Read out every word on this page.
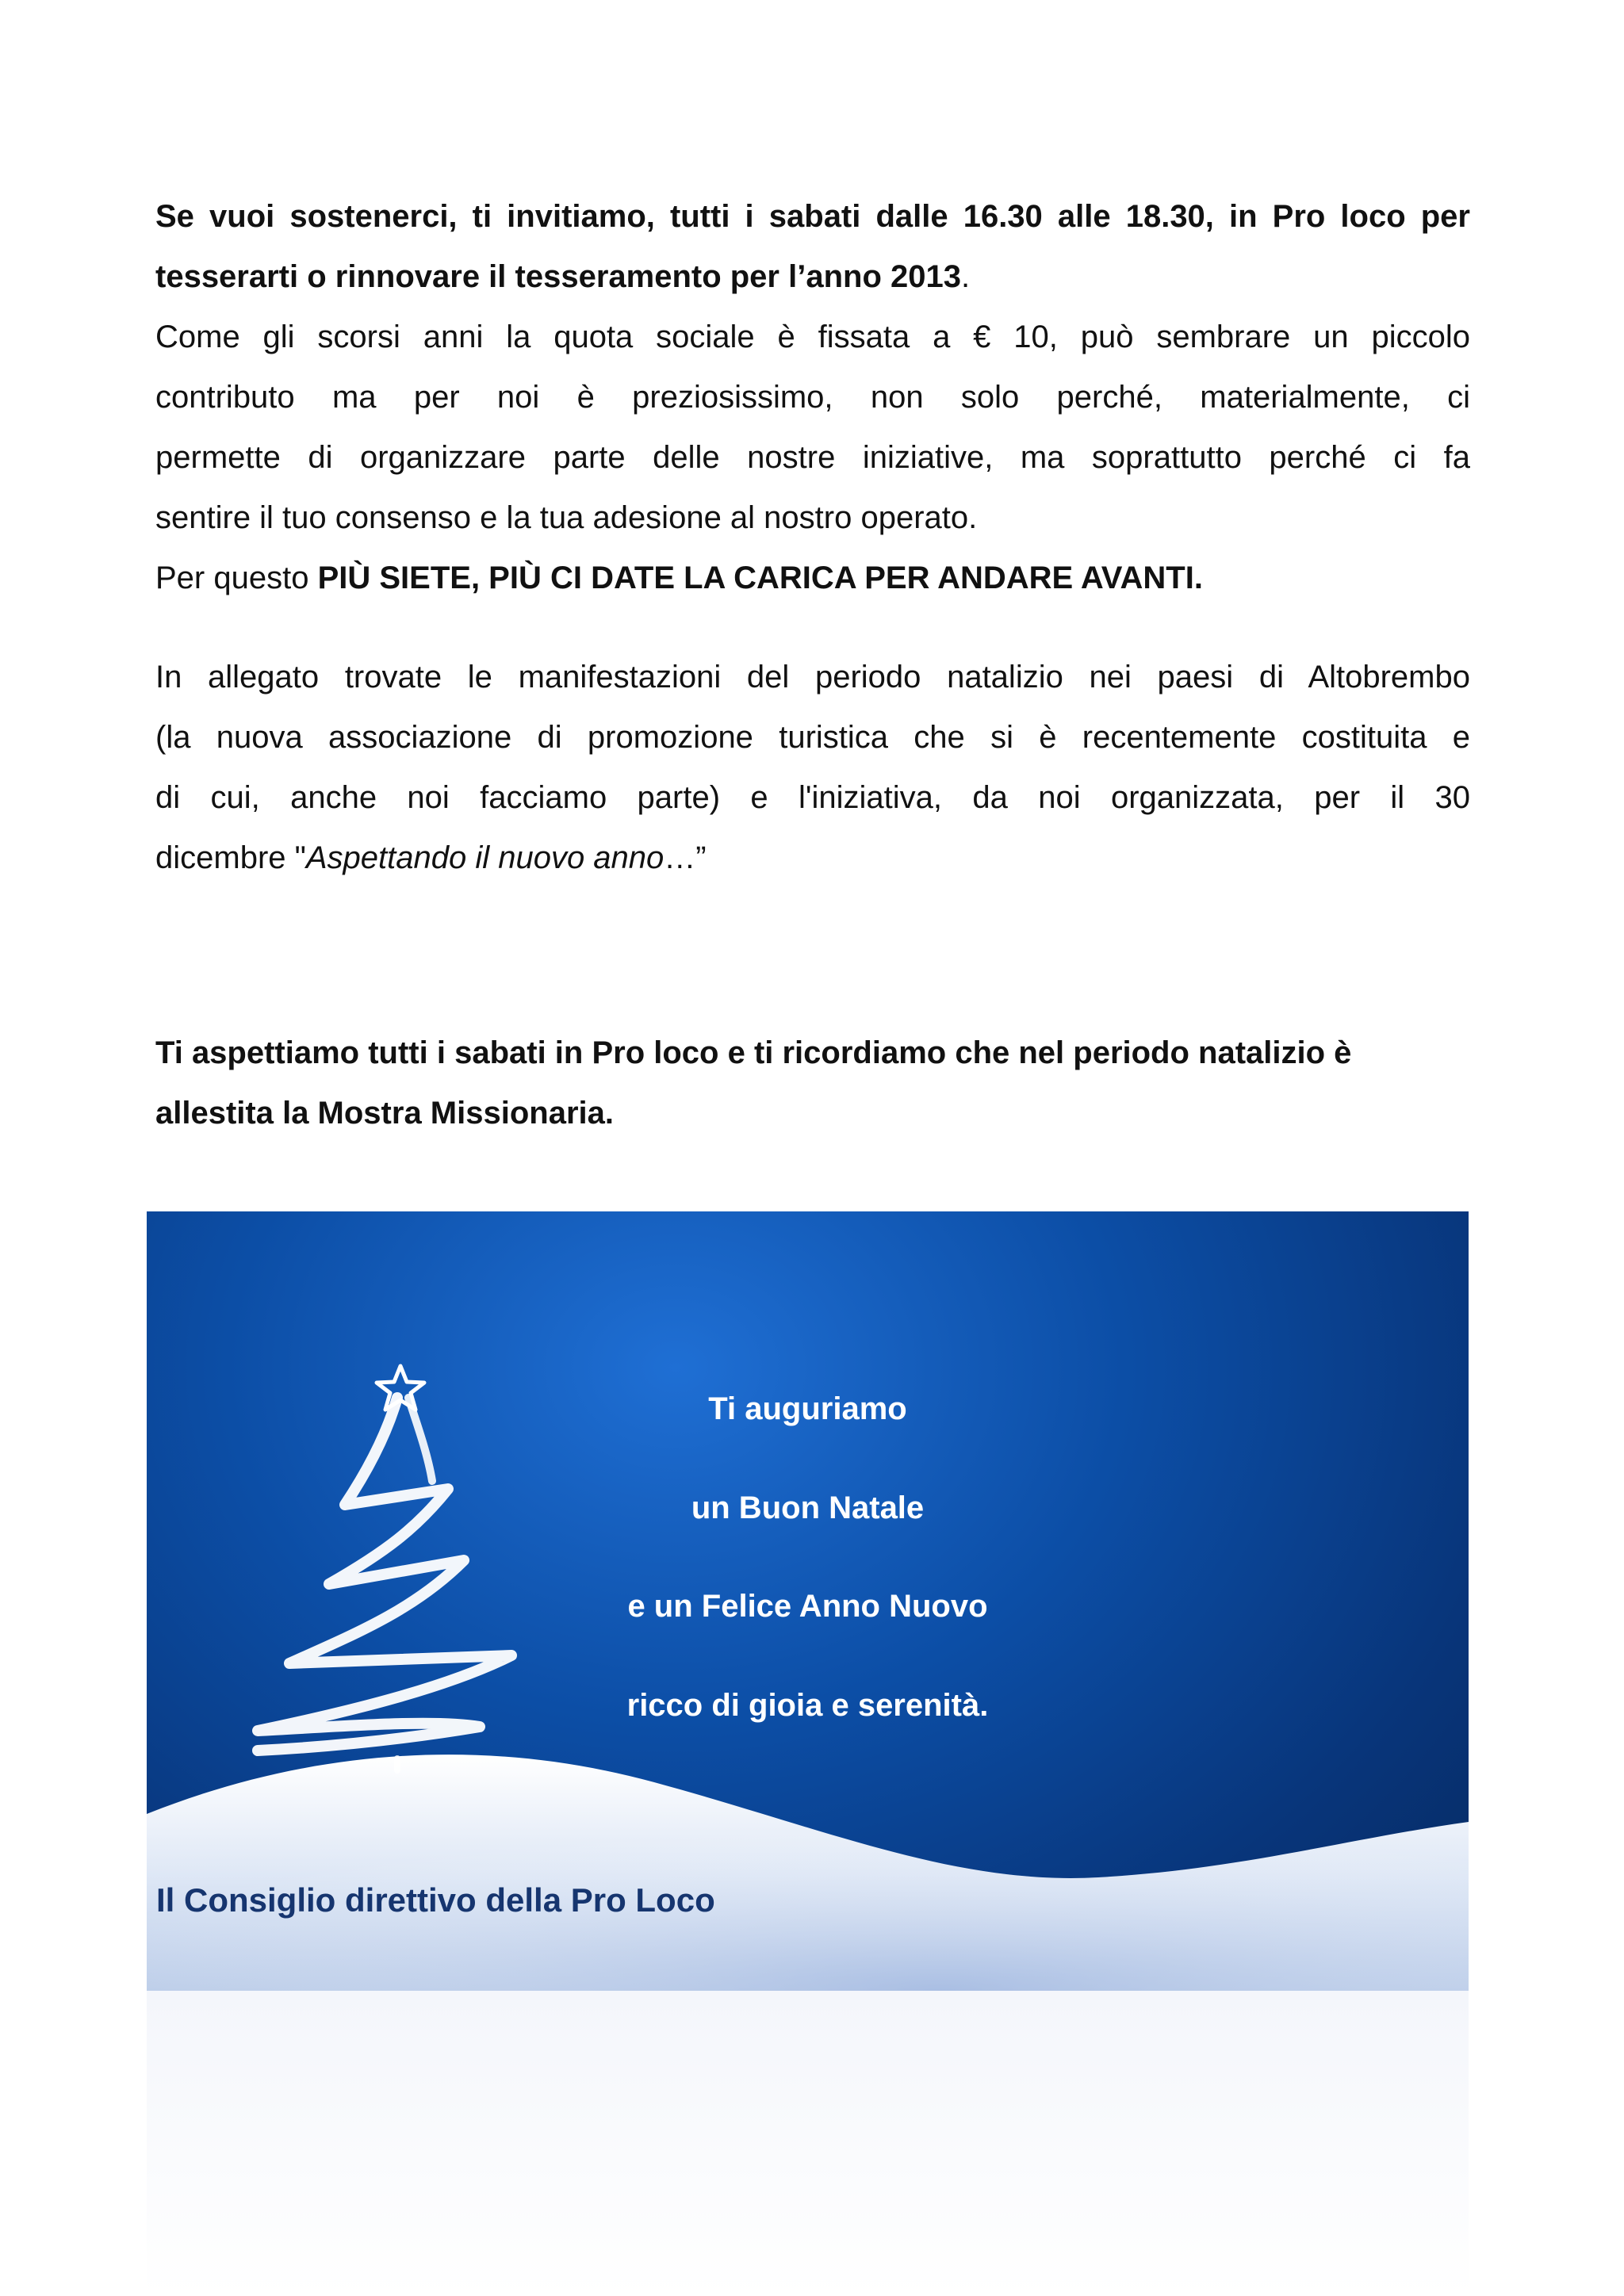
Se vuoi sostenerci, ti invitiamo, tutti i sabati dalle 16.30 alle 18.30, in Pro loco per
tesserarti o rinnovare il tesseramento per l’anno 2013.
Come gli scorsi anni la quota sociale è fissata a € 10, può sembrare un piccolo
contributo ma per noi è preziosissimo, non solo perché, materialmente, ci
permette di organizzare parte delle nostre iniziative, ma soprattutto perché ci fa
sentire il tuo consenso e la tua adesione al nostro operato.
Per questo PIÙ SIETE, PIÙ CI DATE LA CARICA PER ANDARE AVANTI.
In allegato trovate le manifestazioni del periodo natalizio nei paesi di Altobrembo
(la nuova associazione di promozione turistica che si è recentemente costituita e
di cui, anche noi facciamo parte) e l'iniziativa, da noi organizzata, per il 30
dicembre "Aspettando il nuovo anno…”
Ti aspettiamo tutti i sabati in Pro loco e ti ricordiamo che nel periodo natalizio è
allestita la Mostra Missionaria.
Ti auguriamo
un Buon Natale
e un Felice Anno Nuovo
ricco di gioia e serenità.
Il Consiglio direttivo della Pro Loco
